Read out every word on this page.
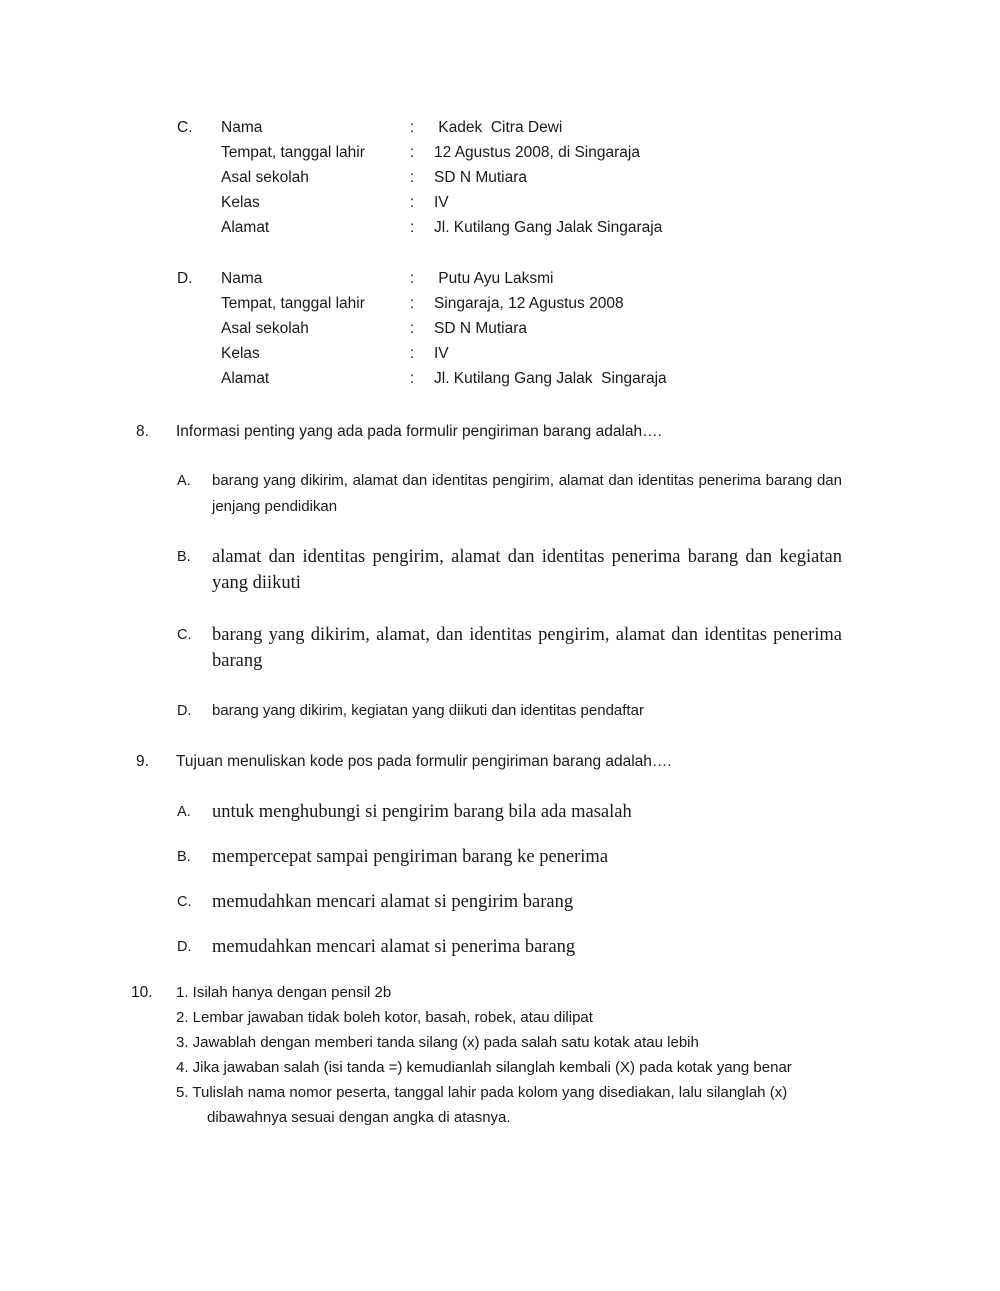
C. Nama	: Kadek  Citra Dewi
Tempat, tanggal lahir	: 12 Agustus 2008, di Singaraja
Asal sekolah	: SD N Mutiara
Kelas	: IV
Alamat	: Jl. Kutilang Gang Jalak Singaraja
D. Nama	: Putu Ayu Laksmi
Tempat, tanggal lahir	: Singaraja, 12 Agustus 2008
Asal sekolah	: SD N Mutiara
Kelas	: IV
Alamat	: Jl. Kutilang Gang Jalak  Singaraja
8. Informasi penting yang ada pada formulir pengiriman barang adalah….
A. barang yang dikirim, alamat dan identitas pengirim, alamat dan identitas penerima barang dan jenjang pendidikan
B. alamat dan identitas pengirim, alamat dan identitas penerima barang dan kegiatan yang diikuti
C. barang yang dikirim, alamat, dan identitas pengirim, alamat dan identitas penerima barang
D. barang yang dikirim, kegiatan yang diikuti dan identitas pendaftar
9. Tujuan menuliskan kode pos pada formulir pengiriman barang adalah….
A. untuk menghubungi si pengirim barang bila ada masalah
B. mempercepat sampai pengiriman barang ke penerima
C. memudahkan mencari alamat si pengirim barang
D. memudahkan mencari alamat si penerima barang
10. 1. Isilah hanya dengan pensil 2b
2. Lembar jawaban tidak boleh kotor, basah, robek, atau dilipat
3. Jawablah dengan memberi tanda silang (x) pada salah satu kotak atau lebih
4. Jika jawaban salah (isi tanda =) kemudianlah silanglah kembali (X) pada kotak yang benar
5. Tulislah nama nomor peserta, tanggal lahir pada kolom yang disediakan, lalu silanglah (x)
dibawahnya sesuai dengan angka di atasnya.
